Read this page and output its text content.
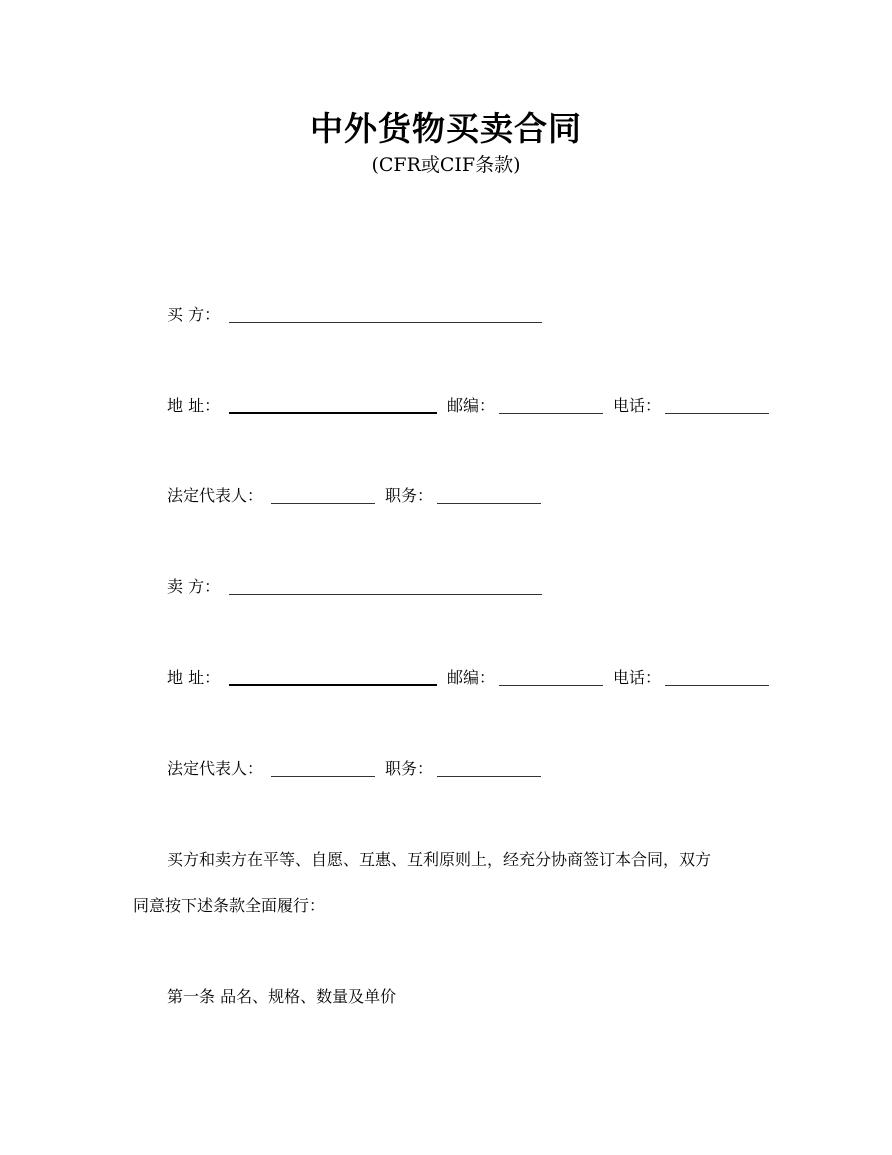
中外货物买卖合同
(CFR或CIF条款)
买 方：
地 址：	邮编：	电话：
法定代表人：	职务：
卖 方：
地 址：	邮编：	电话：
法定代表人：	职务：
买方和卖方在平等、自愿、互惠、互利原则上，经充分协商签订本合同，双方
同意按下述条款全面履行：
第一条 品名、规格、数量及单价
